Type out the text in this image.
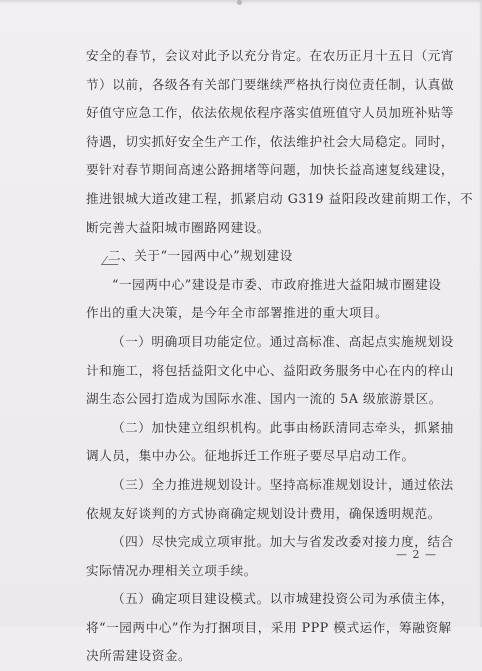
安全的春节，会议对此予以充分肯定。在农历正月十五日（元宵
节）以前，各级各有关部门要继续严格执行岗位责任制，认真做
好值守应急工作，依法依规依程序落实值班值守人员加班补贴等
待遇，切实抓好安全生产工作，依法维护社会大局稳定。同时，
要针对春节期间高速公路拥堵等问题，加快长益高速复线建设，
推进银城大道改建工程，抓紧启动 G319 益阳段改建前期工作，不
断完善大益阳城市圈路网建设。
二、关于“一园两中心”规划建设
“一园两中心”建设是市委、市政府推进大益阳城市圈建设
作出的重大决策，是今年全市部署推进的重大项目。
（一）明确项目功能定位。通过高标准、高起点实施规划设
计和施工，将包括益阳文化中心、益阳政务服务中心在内的梓山
湖生态公园打造成为国际水准、国内一流的 5A 级旅游景区。
（二）加快建立组织机构。此事由杨跃清同志牵头，抓紧抽
调人员，集中办公。征地拆迁工作班子要尽早启动工作。
（三）全力推进规划设计。坚持高标准规划设计，通过依法
依规友好谈判的方式协商确定规划设计费用，确保透明规范。
（四）尽快完成立项审批。加大与省发改委对接力度，结合
实际情况办理相关立项手续。
（五）确定项目建设模式。以市城建投资公司为承债主体，
将“一园两中心”作为打捆项目，采用 PPP 模式运作，筹融资解
决所需建设资金。
— 2 —
